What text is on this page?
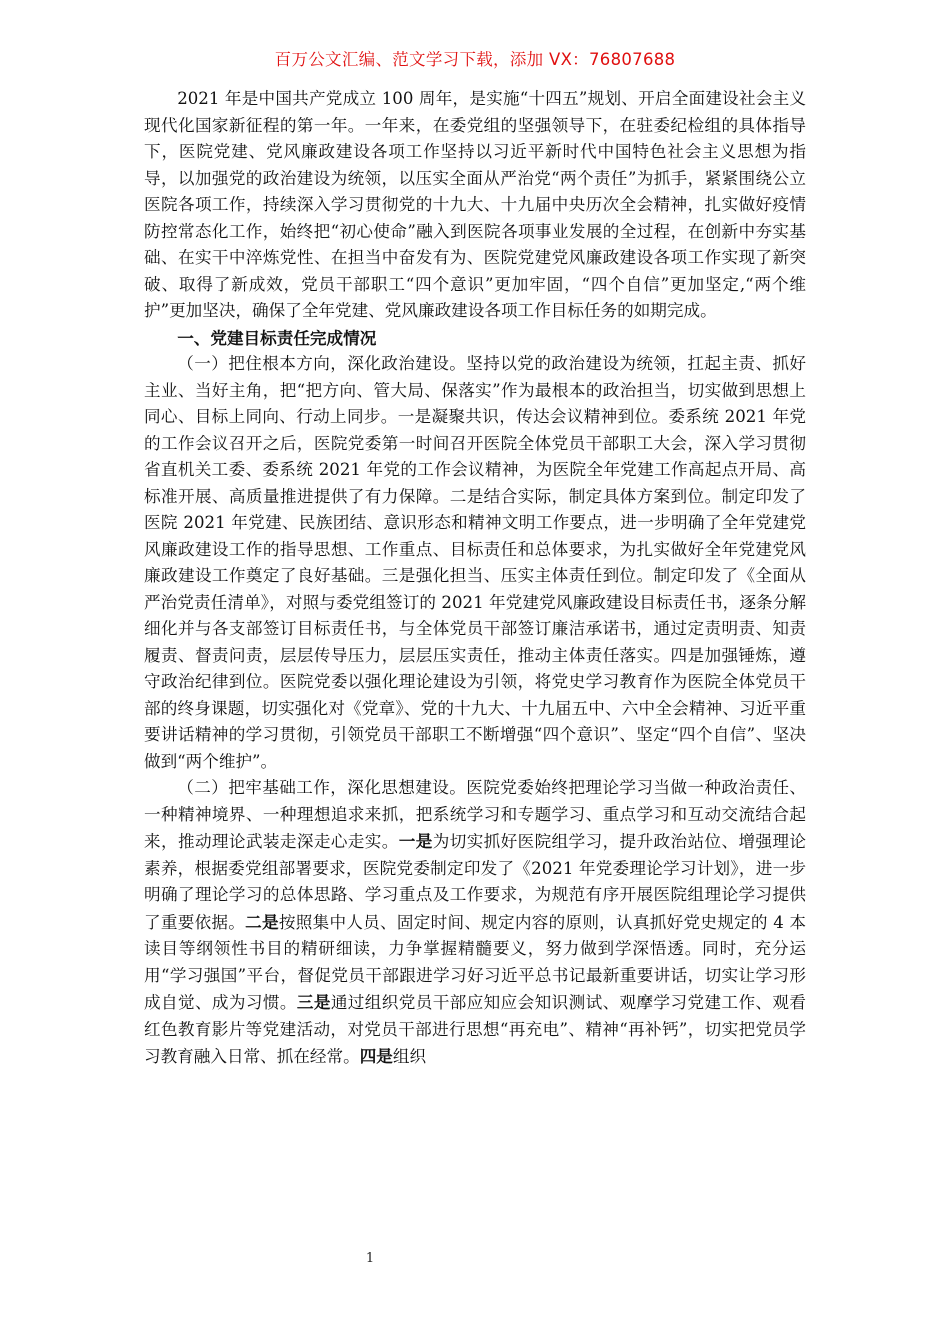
百万公文汇编、范文学习下载，添加 VX：76807688

2021 年是中国共产党成立 100 周年，是实施“十四五”规划、开启全面建设社会主义现代化国家新征程的第一年。一年来，在委党组的坚强领导下，在驻委纪检组的具体指导下，医院党建、党风廉政建设各项工作坚持以习近平新时代中国特色社会主义思想为指导，以加强党的政治建设为统领，以压实全面从严治党“两个责任”为抓手，紧紧围绕公立医院各项工作，持续深入学习贯彻党的十九大、十九届中央历次全会精神，扎实做好疫情防控常态化工作，始终把“初心使命”融入到医院各项事业发展的全过程，在创新中夯实基础、在实干中淬炼党性、在担当中奋发有为、医院党建党风廉政建设各项工作实现了新突破、取得了新成效，党员干部职工“四个意识”更加牢固，“四个自信”更加坚定,“两个维护”更加坚决，确保了全年党建、党风廉政建设各项工作目标任务的如期完成。

一、党建目标责任完成情况

（一）把住根本方向，深化政治建设。坚持以党的政治建设为统领，扛起主责、抓好主业、当好主角，把“把方向、管大局、保落实”作为最根本的政治担当，切实做到思想上同心、目标上同向、行动上同步。一是凝聚共识，传达会议精神到位。委系统 2021 年党的工作会议召开之后，医院党委第一时间召开医院全体党员干部职工大会，深入学习贯彻省直机关工委、委系统 2021 年党的工作会议精神，为医院全年党建工作高起点开局、高标准开展、高质量推进提供了有力保障。二是结合实际，制定具体方案到位。制定印发了医院 2021 年党建、民族团结、意识形态和精神文明工作要点，进一步明确了全年党建党风廉政建设工作的指导思想、工作重点、目标责任和总体要求，为扎实做好全年党建党风廉政建设工作奠定了良好基础。三是强化担当、压实主体责任到位。制定印发了《全面从严治党责任清单》，对照与委党组签订的 2021 年党建党风廉政建设目标责任书，逐条分解细化并与各支部签订目标责任书，与全体党员干部签订廉洁承诺书，通过定责明责、知责履责、督责问责，层层传导压力，层层压实责任，推动主体责任落实。四是加强锤炼，遵守政治纪律到位。医院党委以强化理论建设为引领，将党史学习教育作为医院全体党员干部的终身课题，切实强化对《党章》、党的十九大、十九届五中、六中全会精神、习近平重要讲话精神的学习贯彻，引领党员干部职工不断增强“四个意识”、坚定“四个自信”、坚决做到“两个维护”。

（二）把牢基础工作，深化思想建设。医院党委始终把理论学习当做一种政治责任、一种精神境界、一种理想追求来抓，把系统学习和专题学习、重点学习和互动交流结合起来，推动理论武装走深走心走实。一是为切实抓好医院组学习，提升政治站位、增强理论素养，根据委党组部署要求，医院党委制定印发了《2021 年党委理论学习计划》，进一步明确了理论学习的总体思路、学习重点及工作要求，为规范有序开展医院组理论学习提供了重要依据。二是按照集中人员、固定时间、规定内容的原则，认真抓好党史规定的 4 本读目等纲领性书目的精研细读，力争掌握精髓要义，努力做到学深悟透。同时，充分运用“学习强国”平台，督促党员干部跟进学习好习近平总书记最新重要讲话，切实让学习形成自觉、成为习惯。三是通过组织党员干部应知应会知识测试、观摩学习党建工作、观看红色教育影片等党建活动，对党员干部进行思想“再充电”、精神“再补钙”，切实把党员学习教育融入日常、抓在经常。四是组织

1
